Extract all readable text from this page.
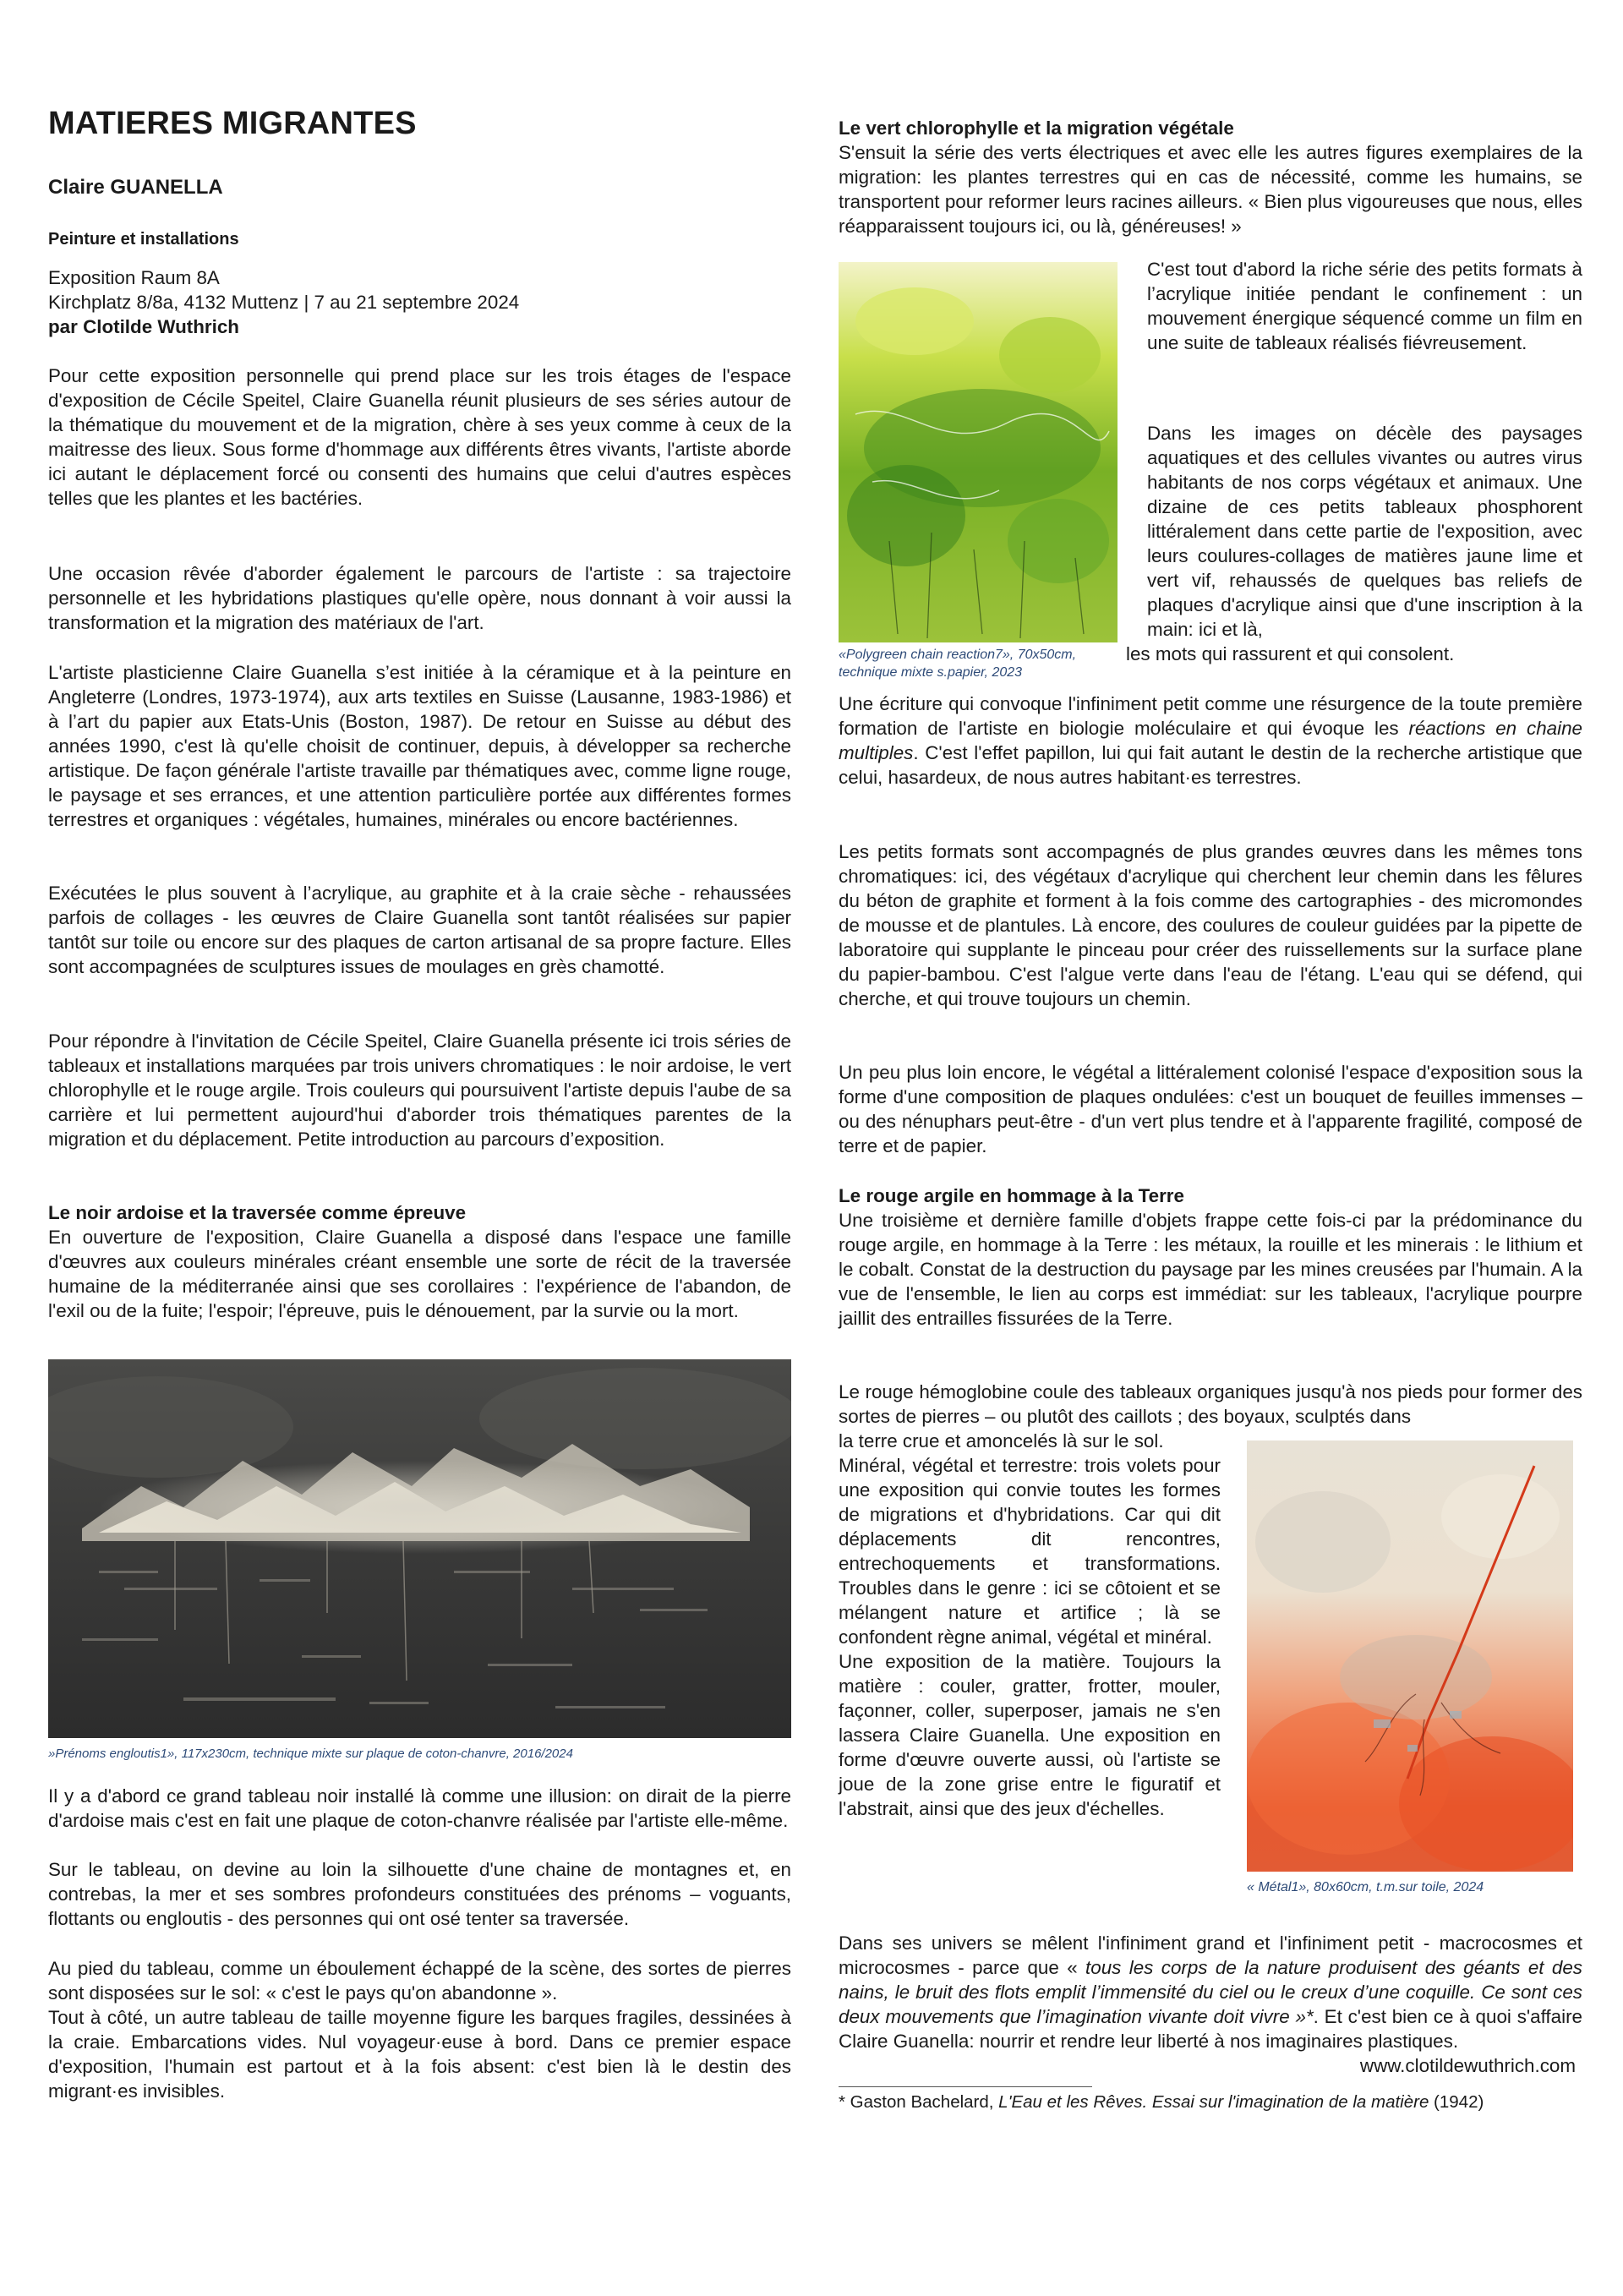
MATIERES MIGRANTES
Claire GUANELLA
Peinture et installations
Exposition Raum 8A
Kirchplatz 8/8a, 4132 Muttenz | 7 au 21 septembre 2024
par Clotilde Wuthrich

Pour cette exposition personnelle qui prend place sur les trois étages de l'espace d'exposition de Cécile Speitel, Claire Guanella réunit plusieurs de ses séries autour de la thématique du mouvement et de la migration, chère à ses yeux comme à ceux de la maitresse des lieux. Sous forme d'hommage aux différents êtres vivants, l'artiste aborde ici autant le déplacement forcé ou consenti des humains que celui d'autres espèces telles que les plantes et les bactéries.

Une occasion rêvée d'aborder également le parcours de l'artiste : sa trajectoire personnelle et les hybridations plastiques qu'elle opère, nous donnant à voir aussi la transformation et la migration des matériaux de l'art.

L'artiste plasticienne Claire Guanella s’est initiée à la céramique et à la peinture en Angleterre (Londres, 1973-1974), aux arts textiles en Suisse (Lausanne, 1983-1986) et à l’art du papier aux Etats-Unis (Boston, 1987). De retour en Suisse au début des années 1990, c'est là qu'elle choisit de continuer, depuis, à développer sa recherche artistique. De façon générale l'artiste travaille par thématiques avec, comme ligne rouge, le paysage et ses errances, et une attention particulière portée aux différentes formes terrestres et organiques : végétales, humaines, minérales ou encore bactériennes.

Exécutées le plus souvent à l’acrylique, au graphite et à la craie sèche - rehaussées parfois de collages - les œuvres de Claire Guanella sont tantôt réalisées sur papier tantôt sur toile ou encore sur des plaques de carton artisanal de sa propre facture. Elles sont accompagnées de sculptures issues de moulages en grès chamotté.

Pour répondre à l'invitation de Cécile Speitel, Claire Guanella présente ici trois séries de tableaux et installations marquées par trois univers chromatiques : le noir ardoise, le vert chlorophylle et le rouge argile. Trois couleurs qui poursuivent l'artiste depuis l'aube de sa carrière et lui permettent aujourd'hui d'aborder trois thématiques parentes de la migration et du déplacement. Petite introduction au parcours d’exposition.

Le noir ardoise et la traversée comme épreuve

En ouverture de l'exposition, Claire Guanella a disposé dans l'espace une famille d'œuvres aux couleurs minérales créant ensemble une sorte de récit de la traversée humaine de la méditerranée ainsi que ses corollaires : l'expérience de l'abandon, de l'exil ou de la fuite; l'espoir; l'épreuve, puis le dénouement, par la survie ou la mort.

»Prénoms engloutis1», 117x230cm, technique mixte sur plaque de coton-chanvre, 2016/2024

Il y a d'abord ce grand tableau noir installé là comme une illusion: on dirait de la pierre d'ardoise mais c'est en fait une plaque de coton-chanvre réalisée par l'artiste elle-même.

Sur le tableau, on devine au loin la silhouette d'une chaine de montagnes et, en contrebas, la mer et ses sombres profondeurs constituées des prénoms – voguants, flottants ou engloutis - des personnes qui ont osé tenter sa traversée.

Au pied du tableau, comme un éboulement échappé de la scène, des sortes de pierres sont disposées sur le sol: « c'est le pays qu'on abandonne ».

Tout à côté, un autre tableau de taille moyenne figure les barques fragiles, dessinées à la craie. Embarcations vides. Nul voyageur·euse à bord. Dans ce premier espace d'exposition, l'humain est partout et à la fois absent: c'est bien là le destin des migrant·es invisibles.

Le vert chlorophylle et la migration végétale

S'ensuit la série des verts électriques et avec elle les autres figures exemplaires de la migration: les plantes terrestres qui en cas de nécessité, comme les humains, se transportent pour reformer leurs racines ailleurs. « Bien plus vigoureuses que nous, elles réapparaissent toujours ici, ou là, généreuses! »

«Polygreen chain reaction7», 70x50cm, technique mixte s.papier, 2023

C'est tout d'abord la riche série des petits formats à l’acrylique initiée pendant le confinement : un mouvement énergique séquencé comme un film en une suite de tableaux réalisés fiévreusement.

Dans les images on décèle des paysages aquatiques et des cellules vivantes ou autres virus habitants de nos corps végétaux et animaux. Une dizaine de ces petits tableaux phosphorent littéralement dans cette partie de l'exposition, avec leurs coulures-collages de matières jaune lime et vert vif, rehaussés de quelques bas reliefs de plaques d'acrylique ainsi que d'une inscription à la main: ici et là,

les mots qui rassurent et qui consolent.

Une écriture qui convoque l'infiniment petit comme une résurgence de la toute première formation de l'artiste en biologie moléculaire et qui évoque les réactions en chaine multiples. C'est l'effet papillon, lui qui fait autant le destin de la recherche artistique que celui, hasardeux, de nous autres habitant·es terrestres.

Les petits formats sont accompagnés de plus grandes œuvres dans les mêmes tons chromatiques: ici, des végétaux d'acrylique qui cherchent leur chemin dans les fêlures du béton de graphite et forment à la fois comme des cartographies - des micromondes de mousse et de plantules. Là encore, des coulures de couleur guidées par la pipette de laboratoire qui supplante le pinceau pour créer des ruissellements sur la surface plane du papier-bambou. C'est l'algue verte dans l'eau de l'étang. L'eau qui se défend, qui cherche, et qui trouve toujours un chemin.

Un peu plus loin encore, le végétal a littéralement colonisé l'espace d'exposition sous la forme d'une composition de plaques ondulées: c'est un bouquet de feuilles immenses – ou des nénuphars peut-être - d'un vert plus tendre et à l'apparente fragilité, composé de terre et de papier.

Le rouge argile en hommage à la Terre

Une troisième et dernière famille d'objets frappe cette fois-ci par la prédominance du rouge argile, en hommage à la Terre : les métaux, la rouille et les minerais : le lithium et le cobalt. Constat de la destruction du paysage par les mines creusées par l'humain. A la vue de l'ensemble, le lien au corps est immédiat: sur les tableaux, l'acrylique pourpre jaillit des entrailles fissurées de la Terre.

Le rouge hémoglobine coule des tableaux organiques jusqu'à nos pieds pour former des sortes de pierres – ou plutôt des caillots ; des boyaux, sculptés dans

la terre crue et amoncelés là sur le sol.

Minéral, végétal et terrestre: trois volets pour une exposition qui convie toutes les formes de migrations et d'hybridations. Car qui dit déplacements dit rencontres, entrechoquements et transformations. Troubles dans le genre : ici se côtoient et se mélangent nature et artifice ; là se confondent règne animal, végétal et minéral.

Une exposition de la matière. Toujours la matière : couler, gratter, frotter, mouler, façonner, coller, superposer, jamais ne s'en lassera Claire Guanella. Une exposition en forme d'œuvre ouverte aussi, où l'artiste se joue de la zone grise entre le figuratif et l'abstrait, ainsi que des jeux d'échelles.

« Métal1», 80x60cm, t.m.sur toile, 2024

Dans ses univers se mêlent l'infiniment grand et l'infiniment petit - macrocosmes et microcosmes - parce que « tous les corps de la nature produisent des géants et des nains, le bruit des flots emplit l’immensité du ciel ou le creux d’une coquille. Ce sont ces deux mouvements que l’imagination vivante doit vivre »*. Et c'est bien ce à quoi s'affaire Claire Guanella: nourrir et rendre leur liberté à nos imaginaires plastiques.

www.clotildewuthrich.com

* Gaston Bachelard, L'Eau et les Rêves. Essai sur l'imagination de la matière (1942)
